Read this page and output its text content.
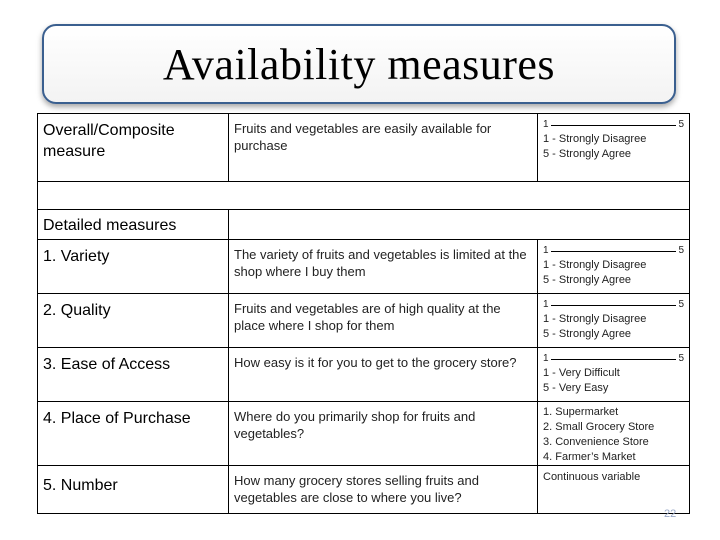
Availability measures
Overall/Composite measure	Fruits and vegetables are easily available for purchase	1 5
1 - Strongly Disagree
5 - Strongly Agree

Detailed measures		

1. Variety	The variety of fruits and vegetables is limited at the shop where I buy them	1 5
1 - Strongly Disagree
5 - Strongly Agree

2. Quality	Fruits and vegetables are of high quality at the place where I shop for them	1 5
1 - Strongly Disagree
5 - Strongly Agree

3. Ease of Access	How easy is it for you to get to the grocery store?	1 5
1 - Very Difficult
5 - Very Easy

4. Place of Purchase	Where do you primarily shop for fruits and vegetables?	1. Supermarket
2. Small Grocery Store
3. Convenience Store
4. Farmer’s Market

5. Number	How many grocery stores selling fruits and vegetables are close to where you live?	Continuous variable
22
